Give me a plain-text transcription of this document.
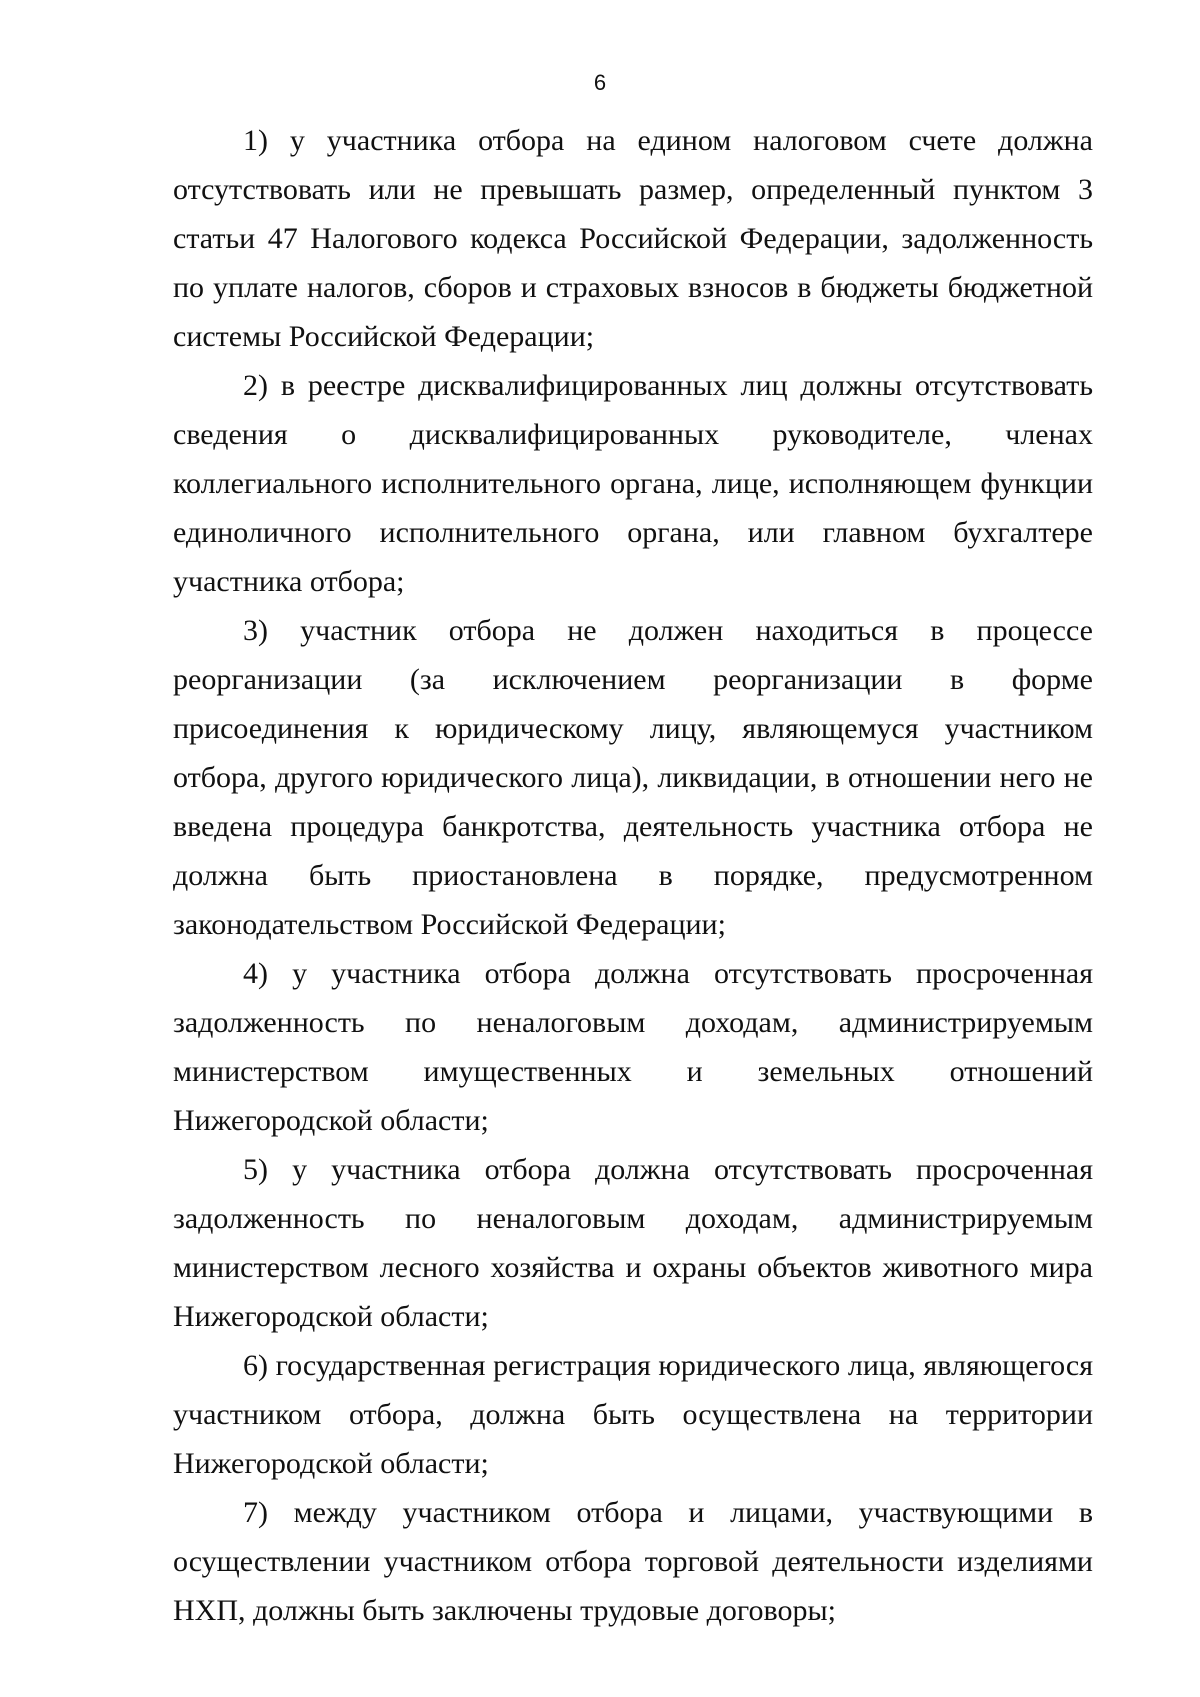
6

1) у участника отбора на едином налоговом счете должна отсутствовать или не превышать размер, определенный пунктом 3 статьи 47 Налогового кодекса Российской Федерации, задолженность по уплате налогов, сборов и страховых взносов в бюджеты бюджетной системы Российской Федерации;

2) в реестре дисквалифицированных лиц должны отсутствовать сведения о дисквалифицированных руководителе, членах коллегиального исполнительного органа, лице, исполняющем функции единоличного исполнительного органа, или главном бухгалтере участника отбора;

3) участник отбора не должен находиться в процессе реорганизации (за исключением реорганизации в форме присоединения к юридическому лицу, являющемуся участником отбора, другого юридического лица), ликвидации, в отношении него не введена процедура банкротства, деятельность участника отбора не должна быть приостановлена в порядке, предусмотренном законодательством Российской Федерации;

4) у участника отбора должна отсутствовать просроченная задолженность по неналоговым доходам, администрируемым министерством имущественных и земельных отношений Нижегородской области;

5) у участника отбора должна отсутствовать просроченная задолженность по неналоговым доходам, администрируемым министерством лесного хозяйства и охраны объектов животного мира Нижегородской области;

6) государственная регистрация юридического лица, являющегося участником отбора, должна быть осуществлена на территории Нижегородской области;

7) между участником отбора и лицами, участвующими в осуществлении участником отбора торговой деятельности изделиями НХП, должны быть заключены трудовые договоры;
